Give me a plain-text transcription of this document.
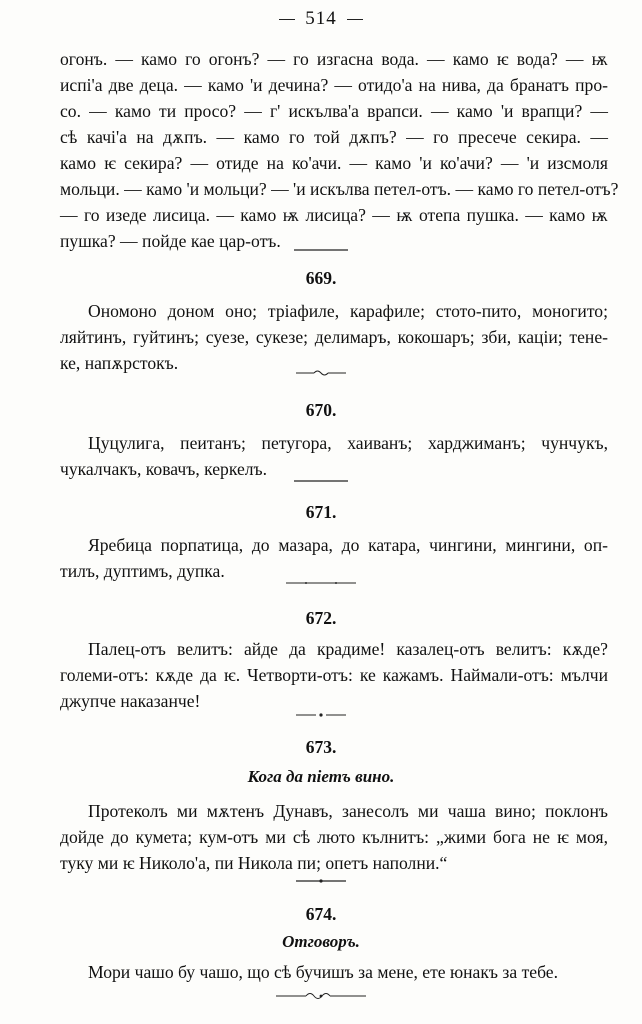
514
огонъ. — камо го огонъ? — го изгасна вода. — камо ѥ вода? — ѭ
испі'а две деца. — камо 'и дечина? — отидо'а на нива, да бранатъ про-
со. — камо ти просо? — г' искълва'а врапси. — камо 'и врапци? —
сѣ качі'а на дѫпъ. — камо го той дѫпъ? — го пресече секира. —
камо ѥ секира? — отиде на ко'ачи. — камо 'и ко'ачи? — 'и изсмоля
мольци. — камо 'и мольци? — 'и искълва петел-отъ. — камо го петел-отъ?
— го изеде лисица. — камо ѭ лисица? — ѭ отепа пушка. — камо ѭ
пушка? — пойде кае цар-отъ.
669.
Ономоно доном оно; тріафиле, карафиле; стото-пито, моногито;
ляйтинъ, гуйтинъ; суезе, сукезе; делимаръ, кокошаръ; зби, каціи; тене-
ке, напѫрстокъ.
670.
Цуцулига, пеитанъ; петугора, хаиванъ; харджиманъ; чунчукъ,
чукалчакъ, ковачъ, керкелъ.
671.
Яребица порпатица, до мазара, до катара, чингини, мингини, оп-
тилъ, дуптимъ, дупка.
672.
Палец-отъ велитъ: айде да крадиме! казалец-отъ велитъ: кѫде?
големи-отъ: кѫде да ѥ. Четворти-отъ: ке кажамъ. Наймали-отъ: мълчи
джупче наказанче!
673.
Кога да пiетъ вино.
Протеколъ ми мѫтенъ Дунавъ, занесолъ ми чаша вино; поклонъ
дойде до кумета; кум-отъ ми сѣ люто кълнитъ: „жими бога не ѥ моя,
туку ми ѥ Николо'а, пи Никола пи; опетъ наполни.“
674.
Отговоръ.
Мори чашо бу чашо, що сѣ бучишъ за мене, ете юнакъ за тебе.
